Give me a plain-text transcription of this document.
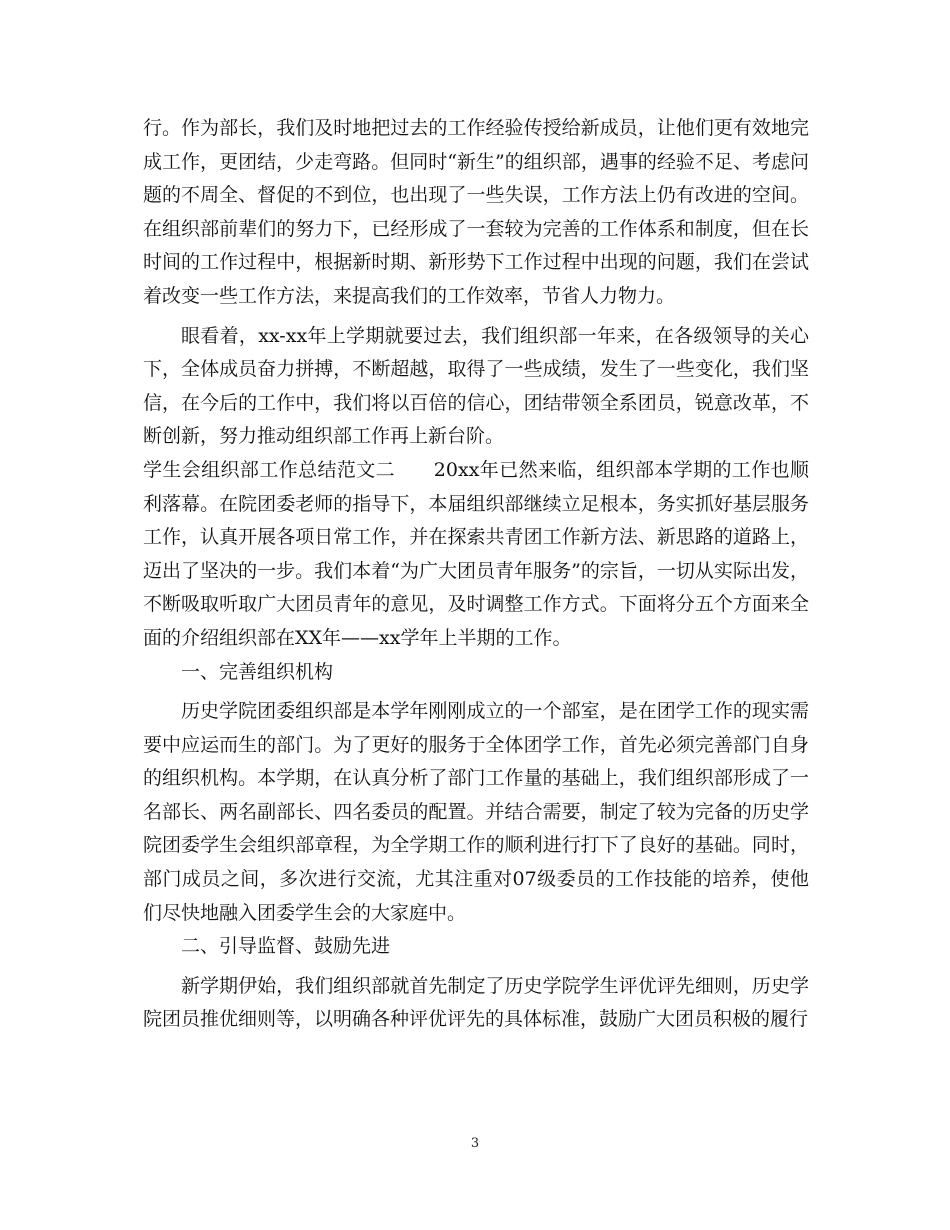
行。作为部长，我们及时地把过去的工作经验传授给新成员，让他们更有效地完成工作，更团结，少走弯路。但同时“新生”的组织部，遇事的经验不足、考虑问题的不周全、督促的不到位，也出现了一些失误，工作方法上仍有改进的空间。在组织部前辈们的努力下，已经形成了一套较为完善的工作体系和制度，但在长时间的工作过程中，根据新时期、新形势下工作过程中出现的问题，我们在尝试着改变一些工作方法，来提高我们的工作效率，节省人力物力。

眼看着，xx-xx年上学期就要过去，我们组织部一年来，在各级领导的关心下，全体成员奋力拼搏，不断超越，取得了一些成绩，发生了一些变化，我们坚信，在今后的工作中，我们将以百倍的信心，团结带领全系团员，锐意改革，不断创新，努力推动组织部工作再上新台阶。

学生会组织部工作总结范文二　　20xx年已然来临，组织部本学期的工作也顺利落幕。在院团委老师的指导下，本届组织部继续立足根本，务实抓好基层服务工作，认真开展各项日常工作，并在探索共青团工作新方法、新思路的道路上，迈出了坚决的一步。我们本着“为广大团员青年服务”的宗旨，一切从实际出发，不断吸取听取广大团员青年的意见，及时调整工作方式。下面将分五个方面来全面的介绍组织部在XX年——xx学年上半期的工作。

一、完善组织机构

历史学院团委组织部是本学年刚刚成立的一个部室，是在团学工作的现实需要中应运而生的部门。为了更好的服务于全体团学工作，首先必须完善部门自身的组织机构。本学期，在认真分析了部门工作量的基础上，我们组织部形成了一名部长、两名副部长、四名委员的配置。并结合需要，制定了较为完备的历史学院团委学生会组织部章程，为全学期工作的顺利进行打下了良好的基础。同时，部门成员之间，多次进行交流，尤其注重对07级委员的工作技能的培养，使他们尽快地融入团委学生会的大家庭中。

二、引导监督、鼓励先进

新学期伊始，我们组织部就首先制定了历史学院学生评优评先细则，历史学院团员推优细则等，以明确各种评优评先的具体标准，鼓励广大团员积极的履行

3
